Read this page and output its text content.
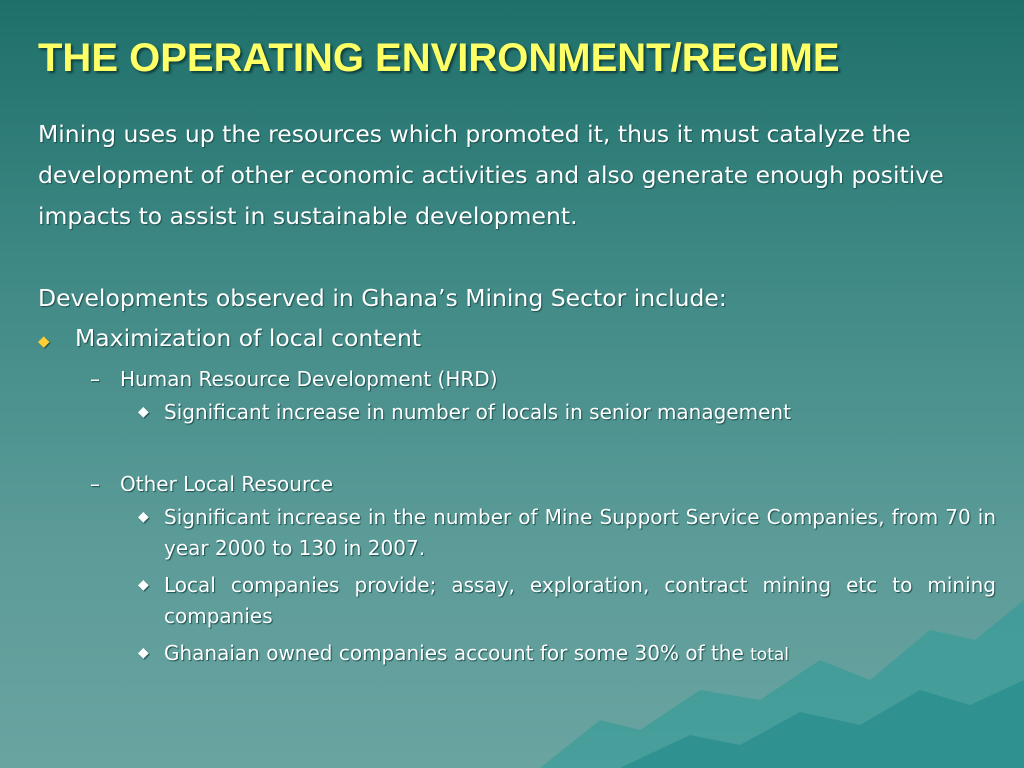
THE OPERATING ENVIRONMENT/REGIME

Mining uses up the resources which promoted it, thus it must catalyze the development of other economic activities and also generate enough positive impacts to assist in sustainable development.

Developments observed in Ghana’s Mining Sector include:

◆	Maximization of local content
–	Human Resource Development (HRD)
◆ Significant increase in number of locals in senior management
–	Other Local Resource
◆ Significant increase in the number of Mine Support Service Companies, from 70 in year 2000 to 130 in 2007.
◆ Local companies provide; assay, exploration, contract mining etc to mining companies
◆ Ghanaian owned companies account for some 30% of the total
